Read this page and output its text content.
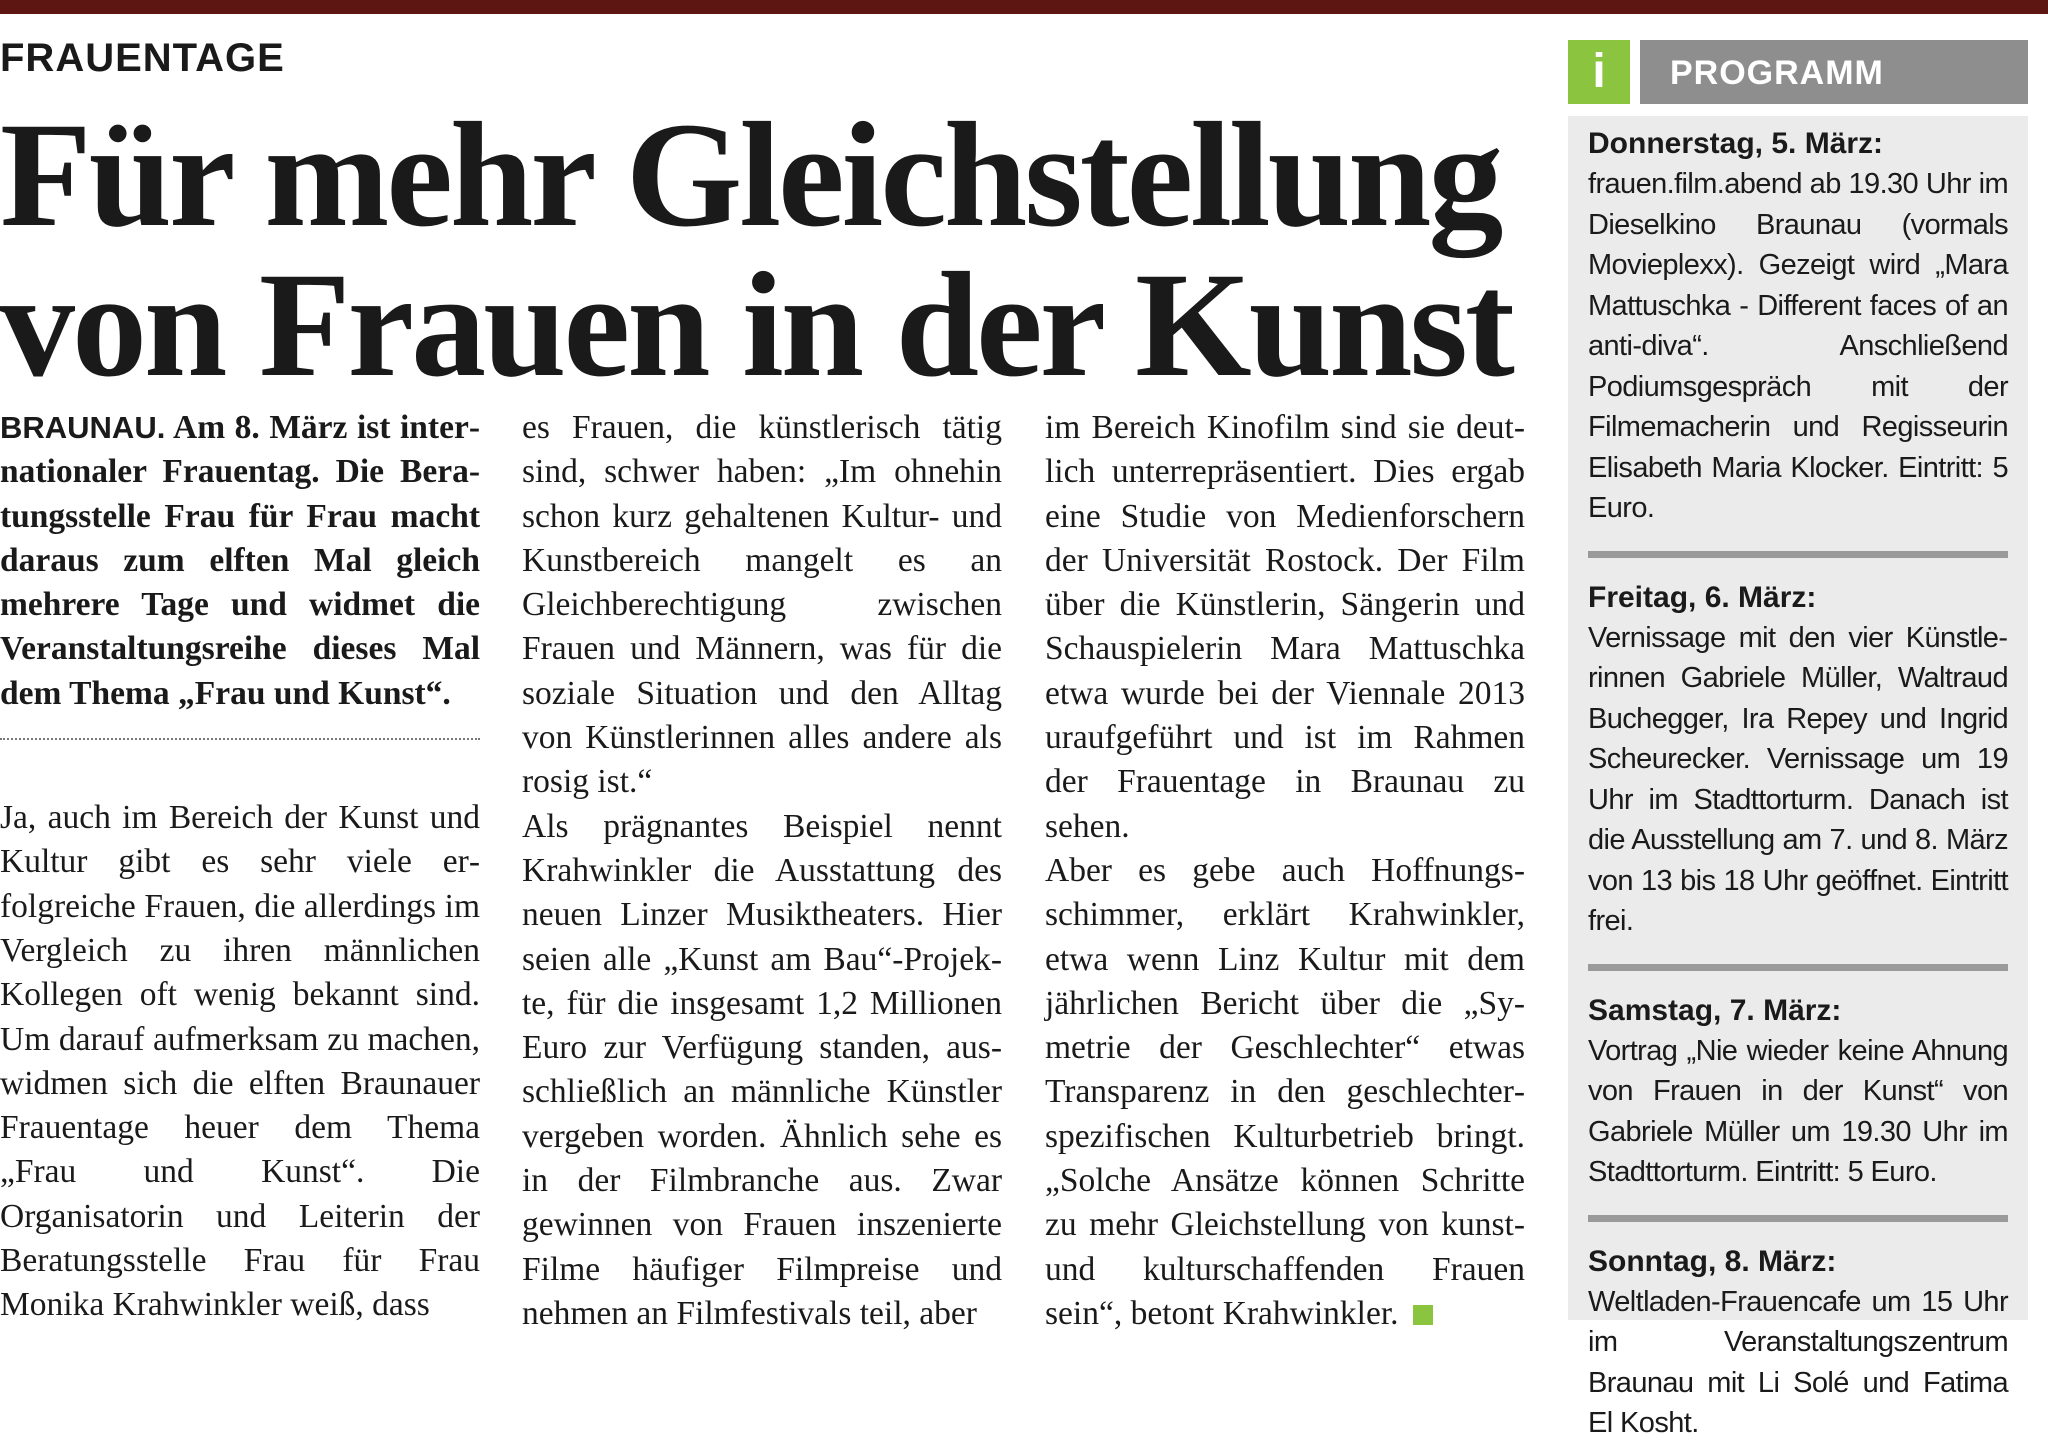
FRAUENTAGE
Für mehr Gleichstellung
von Frauen in der Kunst

BRAUNAU. Am 8. März ist internationaler Frauentag. Die Beratungsstelle Frau für Frau macht daraus zum elften Mal gleich mehrere Tage und widmet die Veranstaltungsreihe dieses Mal dem Thema „Frau und Kunst“.

Ja, auch im Bereich der Kunst und Kultur gibt es sehr viele erfolgreiche Frauen, die allerdings im Vergleich zu ihren männlichen Kollegen oft wenig bekannt sind. Um darauf aufmerksam zu machen, widmen sich die elften Braunauer Frauentage heuer dem Thema „Frau und Kunst“. Die Organisatorin und Leiterin der Beratungsstelle Frau für Frau Monika Krahwinkler weiß, dass

es Frauen, die künstlerisch tätig sind, schwer haben: „Im ohnehin schon kurz gehaltenen Kultur- und Kunstbereich mangelt es an Gleichberechtigung zwischen Frauen und Männern, was für die soziale Situation und den Alltag von Künstlerinnen alles andere als rosig ist.“

Als prägnantes Beispiel nennt Krahwinkler die Ausstattung des neuen Linzer Musiktheaters. Hier seien alle „Kunst am Bau“-Projekte, für die insgesamt 1,2 Millionen Euro zur Verfügung standen, ausschließlich an männliche Künstler vergeben worden. Ähnlich sehe es in der Filmbranche aus. Zwar gewinnen von Frauen inszenierte Filme häufiger Filmpreise und nehmen an Filmfestivals teil, aber

im Bereich Kinofilm sind sie deutlich unterrepräsentiert. Dies ergab eine Studie von Medienforschern der Universität Rostock. Der Film über die Künstlerin, Sängerin und Schauspielerin Mara Mattuschka etwa wurde bei der Viennale 2013 uraufgeführt und ist im Rahmen der Frauentage in Braunau zu sehen.

Aber es gebe auch Hoffnungsschimmer, erklärt Krahwinkler, etwa wenn Linz Kultur mit dem jährlichen Bericht über die „Symetrie der Geschlechter“ etwas Transparenz in den geschlechterspezifischen Kulturbetrieb bringt. „Solche Ansätze können Schritte zu mehr Gleichstellung von kunst- und kulturschaffenden Frauen sein“, betont Krahwinkler.

i	PROGRAMM
Donnerstag, 5. März:
frauen.film.abend ab 19.30 Uhr im Dieselkino Braunau (vormals Movieplexx). Gezeigt wird „Mara Mattuschka - Different faces of an anti-diva“. Anschließend Podiumsgespräch mit der Filmemacherin und Regisseurin Elisabeth Maria Klocker. Eintritt: 5 Euro.
Freitag, 6. März:
Vernissage mit den vier Künstlerinnen Gabriele Müller, Waltraud Buchegger, Ira Repey und Ingrid Scheurecker. Vernissage um 19 Uhr im Stadttorturm. Danach ist die Ausstellung am 7. und 8. März von 13 bis 18 Uhr geöffnet. Eintritt frei.
Samstag, 7. März:
Vortrag „Nie wieder keine Ahnung von Frauen in der Kunst“ von Gabriele Müller um 19.30 Uhr im Stadttorturm. Eintritt: 5 Euro.
Sonntag, 8. März:
Weltladen-Frauencafe um 15 Uhr im Veranstaltungszentrum Braunau mit Li Solé und Fatima El Kosht.
